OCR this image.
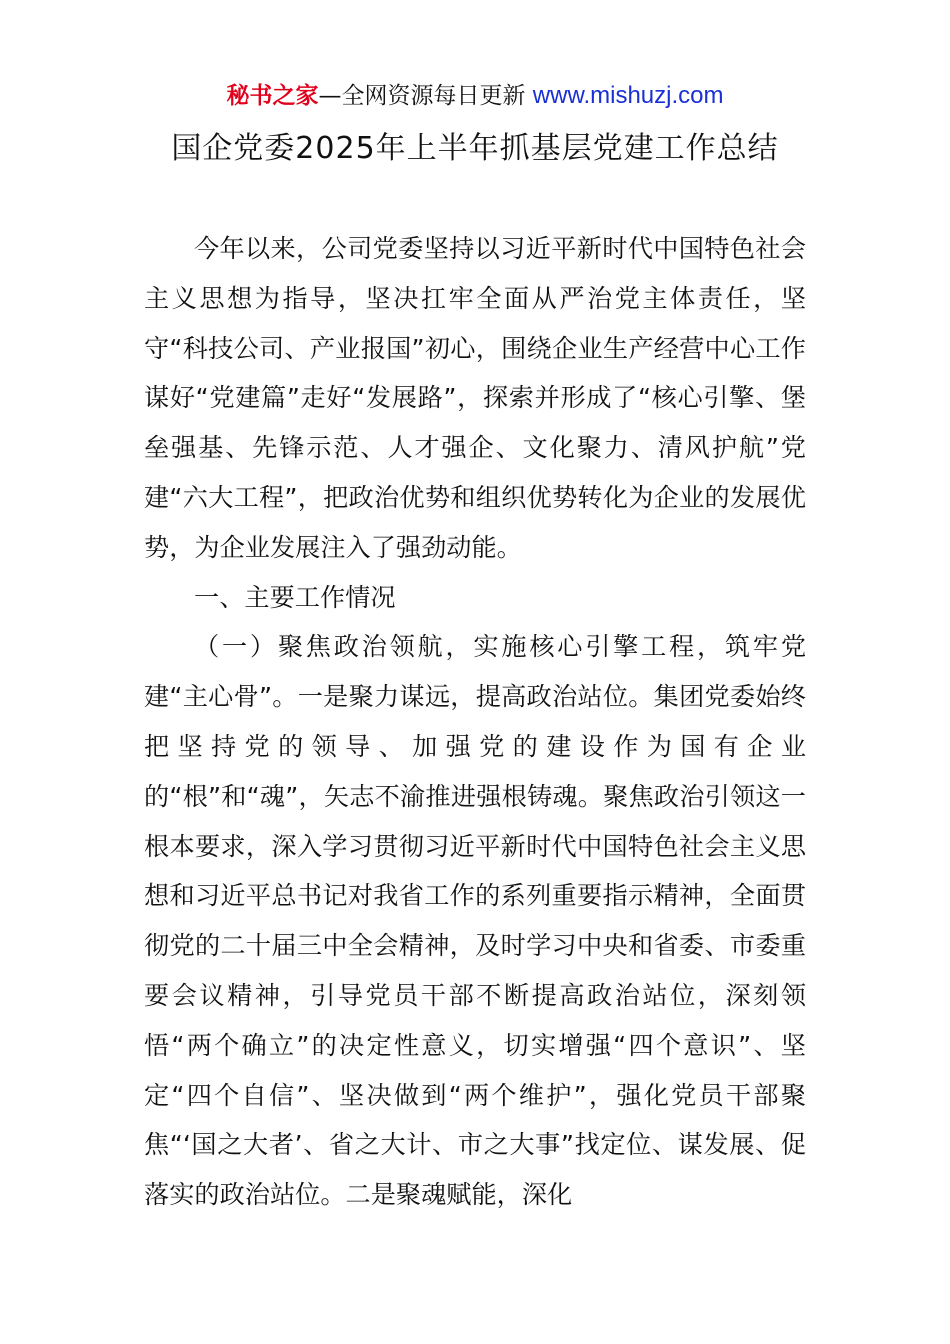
秘书之家—全网资源每日更新 www.mishuzj.com
国企党委2025年上半年抓基层党建工作总结

今年以来，公司党委坚持以习近平新时代中国特色社会主义思想为指导，坚决扛牢全面从严治党主体责任，坚守“科技公司、产业报国”初心，围绕企业生产经营中心工作谋好“党建篇”走好“发展路”，探索并形成了“核心引擎、堡垒强基、先锋示范、人才强企、文化聚力、清风护航”党建“六大工程”，把政治优势和组织优势转化为企业的发展优势，为企业发展注入了强劲动能。

一、主要工作情况

（一）聚焦政治领航，实施核心引擎工程，筑牢党建“主心骨”。一是聚力谋远，提高政治站位。集团党委始终把坚持党的领导、加强党的建设作为国有企业的“根”和“魂”，矢志不渝推进强根铸魂。聚焦政治引领这一根本要求，深入学习贯彻习近平新时代中国特色社会主义思想和习近平总书记对我省工作的系列重要指示精神，全面贯彻党的二十届三中全会精神，及时学习中央和省委、市委重要会议精神，引导党员干部不断提高政治站位，深刻领悟“两个确立”的决定性意义，切实增强“四个意识”、坚定“四个自信”、坚决做到“两个维护”，强化党员干部聚焦“‘国之大者’、省之大计、市之大事”找定位、谋发展、促落实的政治站位。二是聚魂赋能，深化
